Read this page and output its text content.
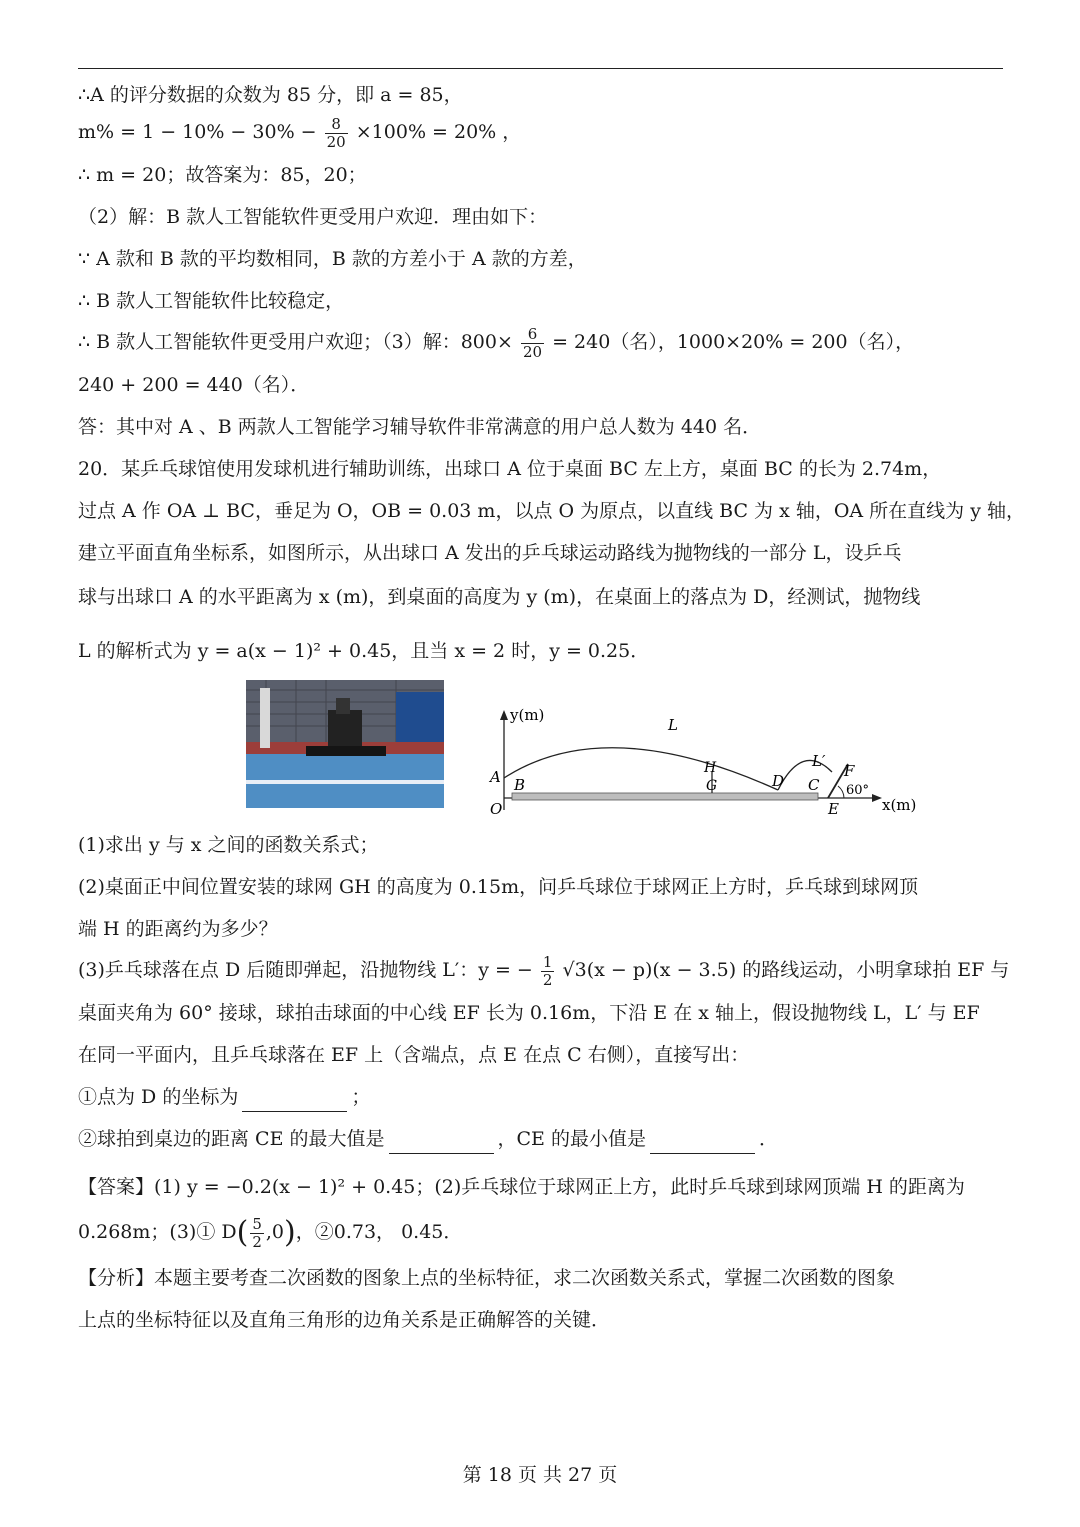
∴A 的评分数据的众数为 85 分，即 a = 85，

$m\% = 1 - 10\% - 30\% - \frac{8}{20} \times 100\% = 20\%$ ，

∴ m = 20；故答案为：85，20；

（2）解：B 款人工智能软件更受用户欢迎．理由如下：

∵ A 款和 B 款的平均数相同，B 款的方差小于 A 款的方差，

∴ B 款人工智能软件比较稳定，

∴ B 款人工智能软件更受用户欢迎；（3）解：$800\times \frac{6}{20} = 240$（名），1000×20% = 200（名），

240 + 200 = 440（名）．

答：其中对 A 、B 两款人工智能学习辅导软件非常满意的用户总人数为 440 名．

20．某乒乓球馆使用发球机进行辅助训练，出球口 A 位于桌面 BC 左上方，桌面 BC 的长为 2.74m，

过点 A 作 OA ⊥ BC，垂足为 O，OB = 0.03 m，以点 O 为原点，以直线 BC 为 x 轴，OA 所在直线为 y 轴，

建立平面直角坐标系，如图所示，从出球口 A 发出的乒乓球运动路线为抛物线的一部分 L，设乒乓

球与出球口 A 的水平距离为 x (m)，到桌面的高度为 y (m)，在桌面上的落点为 D，经测试，抛物线

L 的解析式为 y = a(x − 1)² + 0.45，且当 x = 2 时，y = 0.25．

y(m)
x(m)
L
L′
A B
H
G	D C
F
E
O
60°

(1)求出 y 与 x 之间的函数关系式；

(2)桌面正中间位置安装的球网 GH 的高度为 0.15m，问乒乓球位于球网正上方时，乒乓球到球网顶

端 H 的距离约为多少？

(3)乒乓球落在点 D 后随即弹起，沿抛物线 L′：y = − $\frac{1}{2} √3(x - p)(x - 3.5)$ 的路线运动，小明拿球拍 EF 与

桌面夹角为 60° 接球，球拍击球面的中心线 EF 长为 0.16m，下沿 E 在 x 轴上，假设抛物线 L，L′ 与 EF

在同一平面内，且乒乓球落在 EF 上（含端点，点 E 在点 C 右侧），直接写出：

①点为 D 的坐标为	；

②球拍到桌边的距离 CE 的最大值是	，CE 的最小值是	．

【答案】(1) y = −0.2(x − 1)² + 0.45；(2)乒乓球位于球网正上方，此时乒乓球到球网顶端 H 的距离为

0.268m；(3)① $D( \frac{5}{2} ,0)$，②0.73， 0.45．

【分析】本题主要考查二次函数的图象上点的坐标特征，求二次函数关系式，掌握二次函数的图象

上点的坐标特征以及直角三角形的边角关系是正确解答的关键．

第 18 页 共 27 页
